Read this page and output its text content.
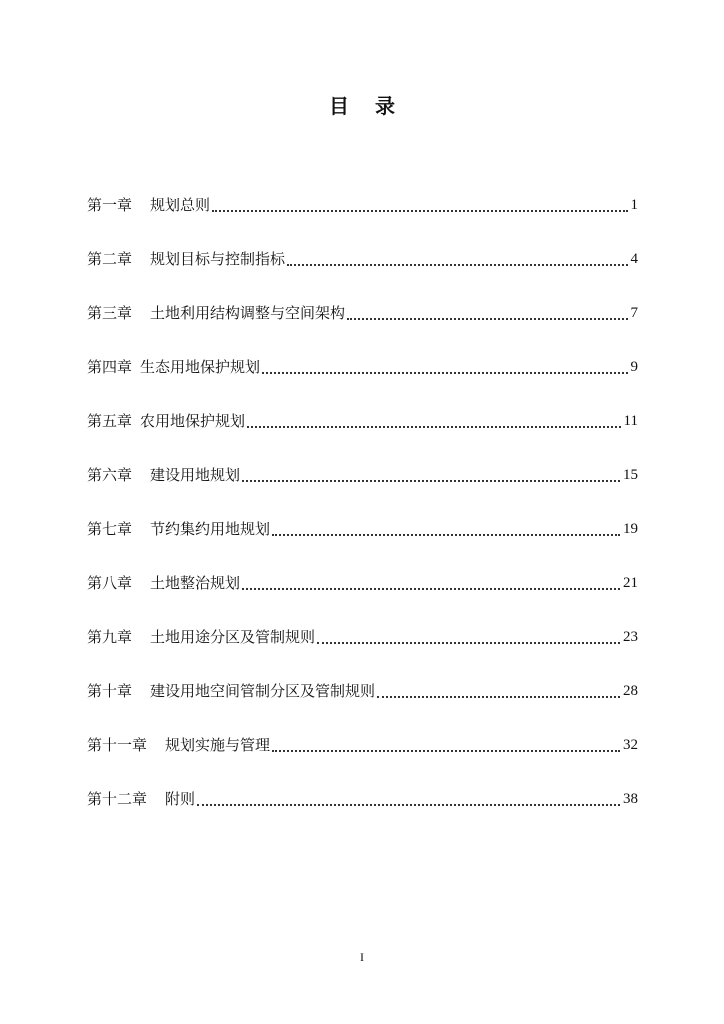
目 录
第一章 规划总则	1
第二章 规划目标与控制指标	4
第三章 土地利用结构调整与空间架构	7
第四章 生态用地保护规划	9
第五章 农用地保护规划	11
第六章 建设用地规划	15
第七章 节约集约用地规划	19
第八章 土地整治规划	21
第九章 土地用途分区及管制规则	23
第十章 建设用地空间管制分区及管制规则	28
第十一章 规划实施与管理	32
第十二章 附则	38
I
